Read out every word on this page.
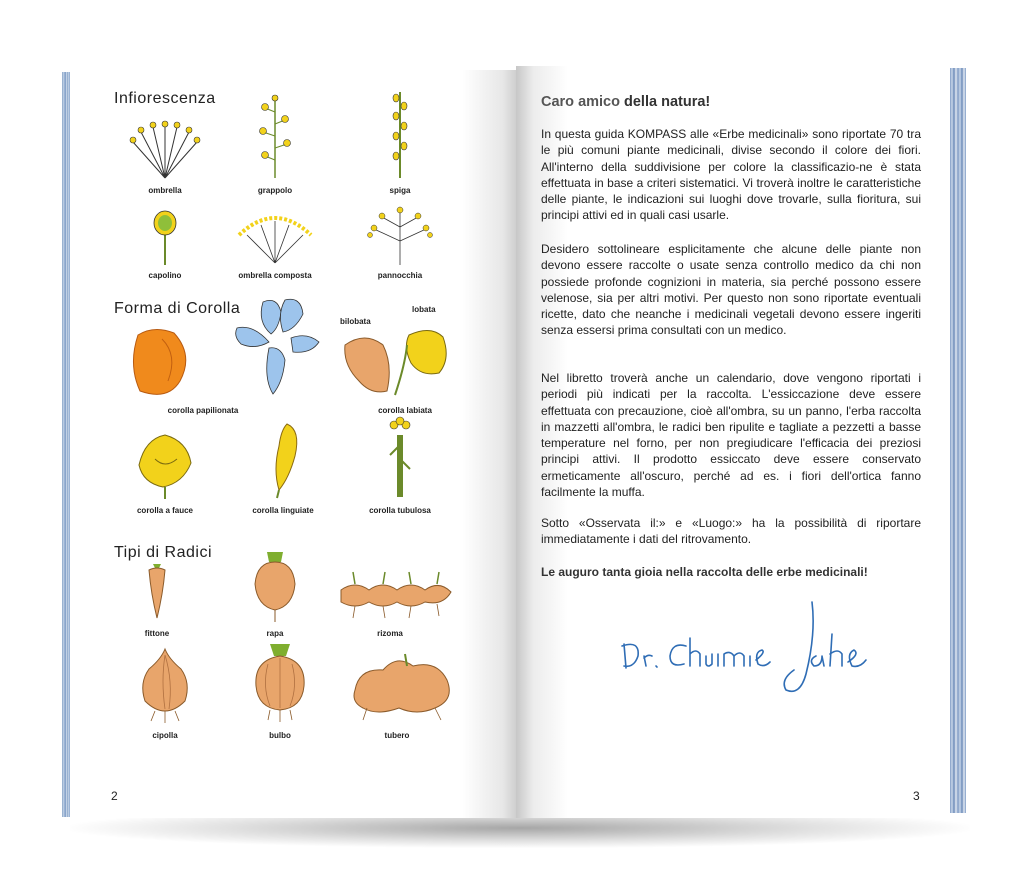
Infiorescenza
ombrella	grappolo	spiga
capolino	ombrella composta	pannocchia
Forma di Corolla
corolla papilionata
bilobata
lobata
corolla labiata
corolla a fauce	corolla linguiate	corolla tubulosa
Tipi di Radici
fittone	rapa	rizoma
cipolla	bulbo	tubero
2
Caro amico della natura!

In questa guida KOMPASS alle «Erbe medicinali» sono riportate 70 tra le più comuni piante medicinali, divise secondo il colore dei fiori. All'interno della suddivisione per colore la classificazio-ne è stata effettuata in base a criteri sistematici. Vi troverà inoltre le caratteristiche delle piante, le indicazioni sui luoghi dove trovarle, sulla fioritura, sui principi attivi ed in quali casi usarle.

Desidero sottolineare esplicitamente che alcune delle piante non devono essere raccolte o usate senza controllo medico da chi non possiede profonde cognizioni in materia, sia perché possono essere velenose, sia per altri motivi. Per questo non sono riportate eventuali ricette, dato che neanche i medicinali vegetali devono essere ingeriti senza essersi prima consultati con un medico.

Nel libretto troverà anche un calendario, dove vengono riportati i periodi più indicati per la raccolta. L'essiccazione deve essere effettuata con precauzione, cioè all'ombra, su un panno, l'erba raccolta in mazzetti all'ombra, le radici ben ripulite e tagliate a pezzetti a basse temperature nel forno, per non pregiudicare l'efficacia dei preziosi principi attivi. Il prodotto essiccato deve essere conservato ermeticamente all'oscuro, perché ad es. i fiori dell'ortica fanno facilmente la muffa.

Sotto «Osservata il:» e «Luogo:» ha la possibilità di riportare immediatamente i dati del ritrovamento.

Le auguro tanta gioia nella raccolta delle erbe medicinali!

3
